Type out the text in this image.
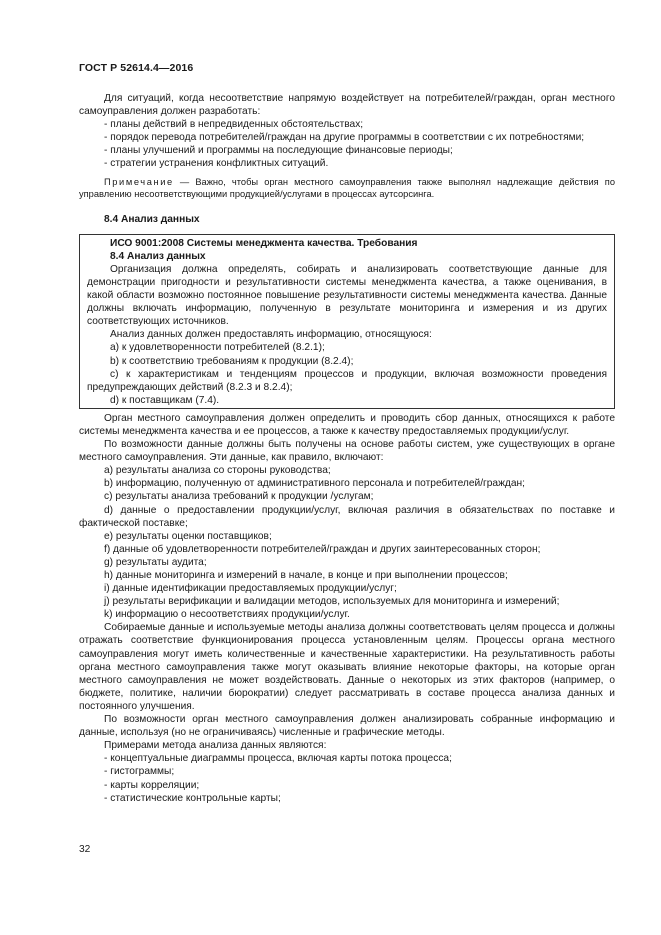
ГОСТ Р 52614.4—2016

Для ситуаций, когда несоответствие напрямую воздействует на потребителей/граждан, орган местного самоуправления должен разработать:

- планы действий в непредвиденных обстоятельствах;

- порядок перевода потребителей/граждан на другие программы в соответствии с их потребностями;

- планы улучшений и программы на последующие финансовые периоды;

- стратегии устранения конфликтных ситуаций.

Примечание — Важно, чтобы орган местного самоуправления также выполнял надлежащие действия по управлению несоответствующими продукцией/услугами в процессах аутсорсинга.

8.4 Анализ данных
ИСО 9001:2008 Системы менеджмента качества. Требования
8.4 Анализ данных

Организация должна определять, собирать и анализировать соответствующие данные для демонстрации пригодности и результативности системы менеджмента качества, а также оценивания, в какой области возможно постоянное повышение результативности системы менеджмента качества. Данные должны включать информацию, полученную в результате мониторинга и измерения и из других соответствующих источников.

Анализ данных должен предоставлять информацию, относящуюся:

a) к удовлетворенности потребителей (8.2.1);

b) к соответствию требованиям к продукции (8.2.4);

c) к характеристикам и тенденциям процессов и продукции, включая возможности проведения предупреждающих действий (8.2.3 и 8.2.4);

d) к поставщикам (7.4).

Орган местного самоуправления должен определить и проводить сбор данных, относящихся к работе системы менеджмента качества и ее процессов, а также к качеству предоставляемых продукции/услуг.

По возможности данные должны быть получены на основе работы систем, уже существующих в органе местного самоуправления. Эти данные, как правило, включают:

a) результаты анализа со стороны руководства;

b) информацию, полученную от административного персонала и потребителей/граждан;

c) результаты анализа требований к продукции /услугам;

d) данные о предоставлении продукции/услуг, включая различия в обязательствах по поставке и фактической поставке;

e) результаты оценки поставщиков;

f) данные об удовлетворенности потребителей/граждан и других заинтересованных сторон;

g) результаты аудита;

h) данные мониторинга и измерений в начале, в конце и при выполнении процессов;

i) данные идентификации предоставляемых продукции/услуг;

j) результаты верификации и валидации методов, используемых для мониторинга и измерений;

k) информацию о несоответствиях продукции/услуг.

Собираемые данные и используемые методы анализа должны соответствовать целям процесса и должны отражать соответствие функционирования процесса установленным целям. Процессы органа местного самоуправления могут иметь количественные и качественные характеристики. На результативность работы органа местного самоуправления также могут оказывать влияние некоторые факторы, на которые орган местного самоуправления не может воздействовать. Данные о некоторых из этих факторов (например, о бюджете, политике, наличии бюрократии) следует рассматривать в составе процесса анализа данных и постоянного улучшения.

По возможности орган местного самоуправления должен анализировать собранные информацию и данные, используя (но не ограничиваясь) численные и графические методы.

Примерами метода анализа данных являются:

- концептуальные диаграммы процесса, включая карты потока процесса;

- гистограммы;

- карты корреляции;

- статистические контрольные карты;

32
